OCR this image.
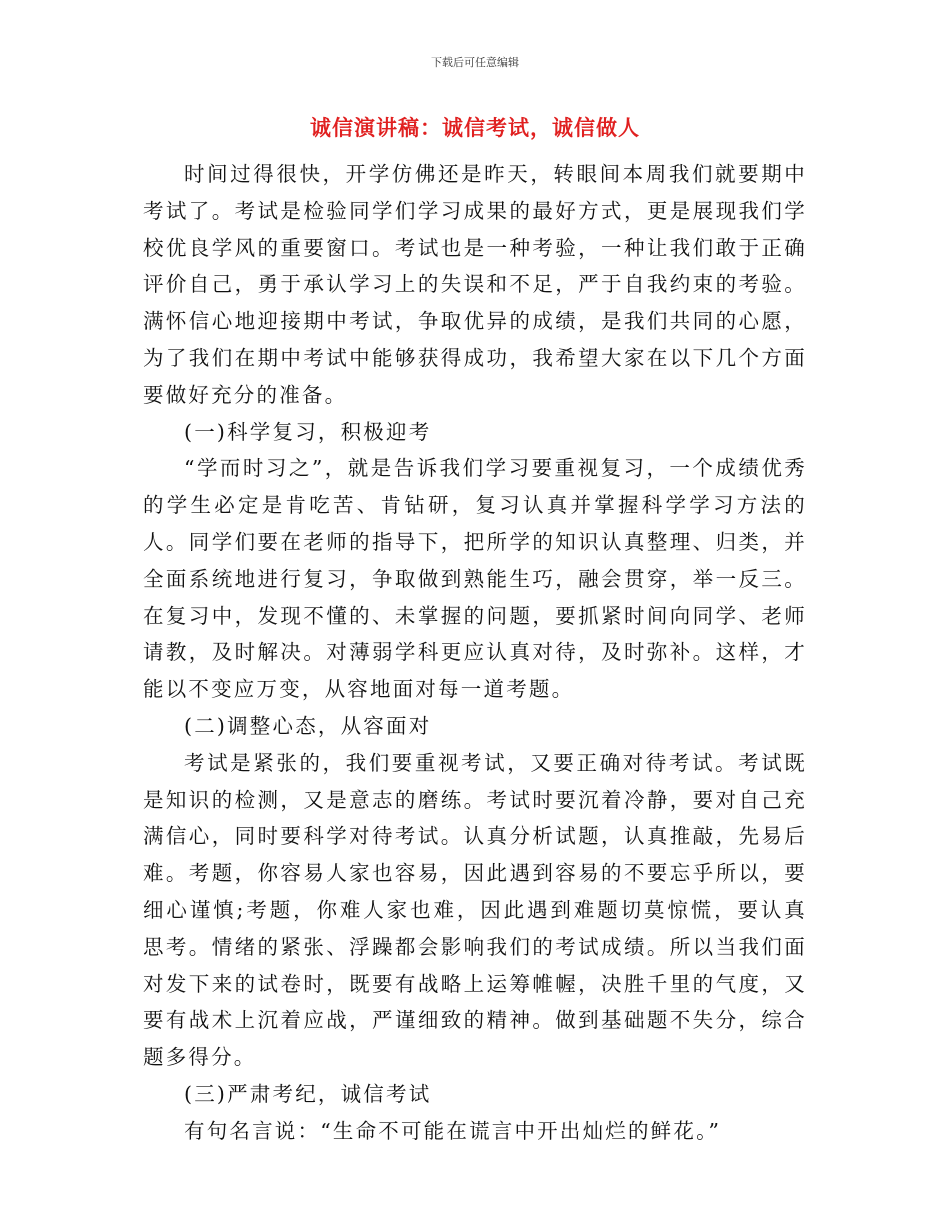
下载后可任意编辑
诚信演讲稿：诚信考试，诚信做人

时间过得很快，开学仿佛还是昨天，转眼间本周我们就要期中考试了。考试是检验同学们学习成果的最好方式，更是展现我们学校优良学风的重要窗口。考试也是一种考验，一种让我们敢于正确评价自己，勇于承认学习上的失误和不足，严于自我约束的考验。满怀信心地迎接期中考试，争取优异的成绩，是我们共同的心愿，为了我们在期中考试中能够获得成功，我希望大家在以下几个方面要做好充分的准备。

(一)科学复习，积极迎考

“学而时习之”，就是告诉我们学习要重视复习，一个成绩优秀的学生必定是肯吃苦、肯钻研，复习认真并掌握科学学习方法的人。同学们要在老师的指导下，把所学的知识认真整理、归类，并全面系统地进行复习，争取做到熟能生巧，融会贯穿，举一反三。在复习中，发现不懂的、未掌握的问题，要抓紧时间向同学、老师请教，及时解决。对薄弱学科更应认真对待，及时弥补。这样，才能以不变应万变，从容地面对每一道考题。

(二)调整心态，从容面对

考试是紧张的，我们要重视考试，又要正确对待考试。考试既是知识的检测，又是意志的磨练。考试时要沉着冷静，要对自己充满信心，同时要科学对待考试。认真分析试题，认真推敲，先易后难。考题，你容易人家也容易，因此遇到容易的不要忘乎所以，要细心谨慎;考题，你难人家也难，因此遇到难题切莫惊慌，要认真思考。情绪的紧张、浮躁都会影响我们的考试成绩。所以当我们面对发下来的试卷时，既要有战略上运筹帷幄，决胜千里的气度，又要有战术上沉着应战，严谨细致的精神。做到基础题不失分，综合题多得分。

(三)严肃考纪，诚信考试

有句名言说：“生命不可能在谎言中开出灿烂的鲜花。”
